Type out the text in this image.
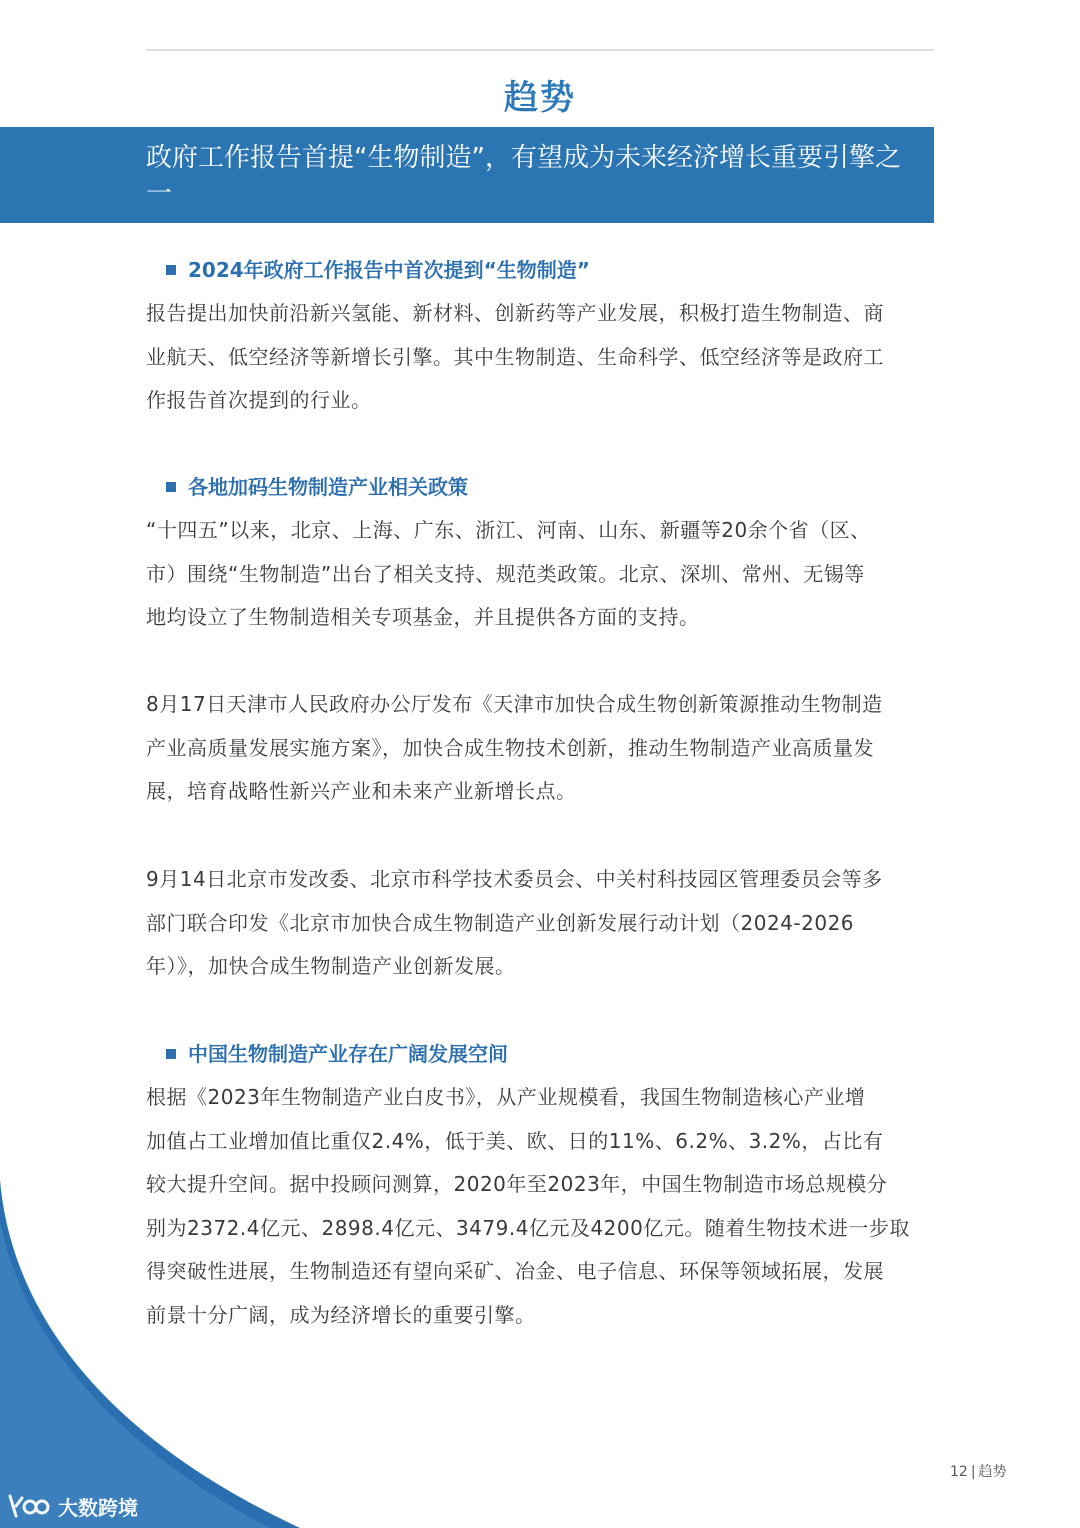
趋势
政府工作报告首提“生物制造”，有望成为未来经济增长重要引擎之一
2024年政府工作报告中首次提到“生物制造”
报告提出加快前沿新兴氢能、新材料、创新药等产业发展，积极打造生物制造、商
业航天、低空经济等新增长引擎。其中生物制造、生命科学、低空经济等是政府工
作报告首次提到的行业。
各地加码生物制造产业相关政策
“十四五”以来，北京、上海、广东、浙江、河南、山东、新疆等20余个省（区、
市）围绕“生物制造”出台了相关支持、规范类政策。北京、深圳、常州、无锡等
地均设立了生物制造相关专项基金，并且提供各方面的支持。
8月17日天津市人民政府办公厅发布《天津市加快合成生物创新策源推动生物制造
产业高质量发展实施方案》，加快合成生物技术创新，推动生物制造产业高质量发
展，培育战略性新兴产业和未来产业新增长点。
9月14日北京市发改委、北京市科学技术委员会、中关村科技园区管理委员会等多
部门联合印发《北京市加快合成生物制造产业创新发展行动计划（2024-2026
年）》，加快合成生物制造产业创新发展。
中国生物制造产业存在广阔发展空间
根据《2023年生物制造产业白皮书》，从产业规模看，我国生物制造核心产业增
加值占工业增加值比重仅2.4%，低于美、欧、日的11%、6.2%、3.2%，占比有
较大提升空间。据中投顾问测算，2020年至2023年，中国生物制造市场总规模分
别为2372.4亿元、2898.4亿元、3479.4亿元及4200亿元。随着生物技术进一步取
得突破性进展，生物制造还有望向采矿、冶金、电子信息、环保等领域拓展，发展
前景十分广阔，成为经济增长的重要引擎。
12 | 趋势
大数跨境
